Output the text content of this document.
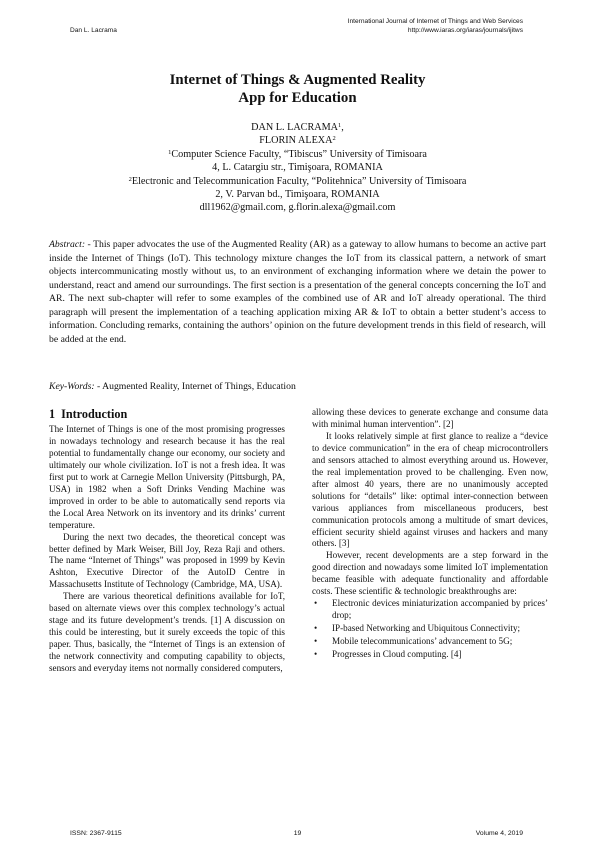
Dan L. Lacrama
International Journal of Internet of Things and Web Services
http://www.iaras.org/iaras/journals/ijitws
Internet of Things & Augmented Reality
App for Education
DAN L. LACRAMA$^1$,
FLORIN ALEXA$^2$
$^1$Computer Science Faculty, “Tibiscus” University of Timisoara
4, L. Catargiu str., Timişoara, ROMANIA
$^2$Electronic and Telecommunication Faculty, “Politehnica” University of Timisoara
2, V. Parvan bd., Timişoara, ROMANIA
dll1962@gmail.com, g.florin.alexa@gmail.com
Abstract: - This paper advocates the use of the Augmented Reality (AR) as a gateway to allow humans to become an active part inside the Internet of Things (IoT). This technology mixture changes the IoT from its classical pattern, a network of smart objects intercommunicating mostly without us, to an environment of exchanging information where we detain the power to understand, react and amend our surroundings. The first section is a presentation of the general concepts concerning the IoT and AR. The next sub-chapter will refer to some examples of the combined use of AR and IoT already operational. The third paragraph will present the implementation of a teaching application mixing AR & IoT to obtain a better student’s access to information. Concluding remarks, containing the authors’ opinion on the future development trends in this field of research, will be added at the end.
Key-Words: - Augmented Reality, Internet of Things, Education
1 Introduction

The Internet of Things is one of the most promising progresses in nowadays technology and research because it has the real potential to fundamentally change our economy, our society and ultimately our whole civilization. IoT is not a fresh idea. It was first put to work at Carnegie Mellon University (Pittsburgh, PA, USA) in 1982 when a Soft Drinks Vending Machine was improved in order to be able to automatically send reports via the Local Area Network on its inventory and its drinks’ current temperature.

During the next two decades, the theoretical concept was better defined by Mark Weiser, Bill Joy, Reza Raji and others. The name “Internet of Things” was proposed in 1999 by Kevin Ashton, Executive Director of the AutoID Centre in Massachusetts Institute of Technology (Cambridge, MA, USA).

There are various theoretical definitions available for IoT, based on alternate views over this complex technology’s actual stage and its future development’s trends. [1] A discussion on this could be interesting, but it surely exceeds the topic of this paper. Thus, basically, the “Internet of Tings is an extension of the network connectivity and computing capability to objects, sensors and everyday items not normally considered computers,

allowing these devices to generate exchange and consume data with minimal human intervention”. [2]

It looks relatively simple at first glance to realize a “device to device communication” in the era of cheap microcontrollers and sensors attached to almost everything around us. However, the real implementation proved to be challenging. Even now, after almost 40 years, there are no unanimously accepted solutions for “details” like: optimal inter-connection between various appliances from miscellaneous producers, best communication protocols among a multitude of smart devices, efficient security shield against viruses and hackers and many others. [3]

However, recent developments are a step forward in the good direction and nowadays some limited IoT implementation became feasible with adequate functionality and affordable costs. These scientific & technologic breakthroughs are:

• Electronic devices miniaturization accompanied by prices’ drop;
• IP-based Networking and Ubiquitous Connectivity;
• Mobile telecommunications’ advancement to 5G;
• Progresses in Cloud computing. [4]
ISSN: 2367-9115	19	Volume 4, 2019
